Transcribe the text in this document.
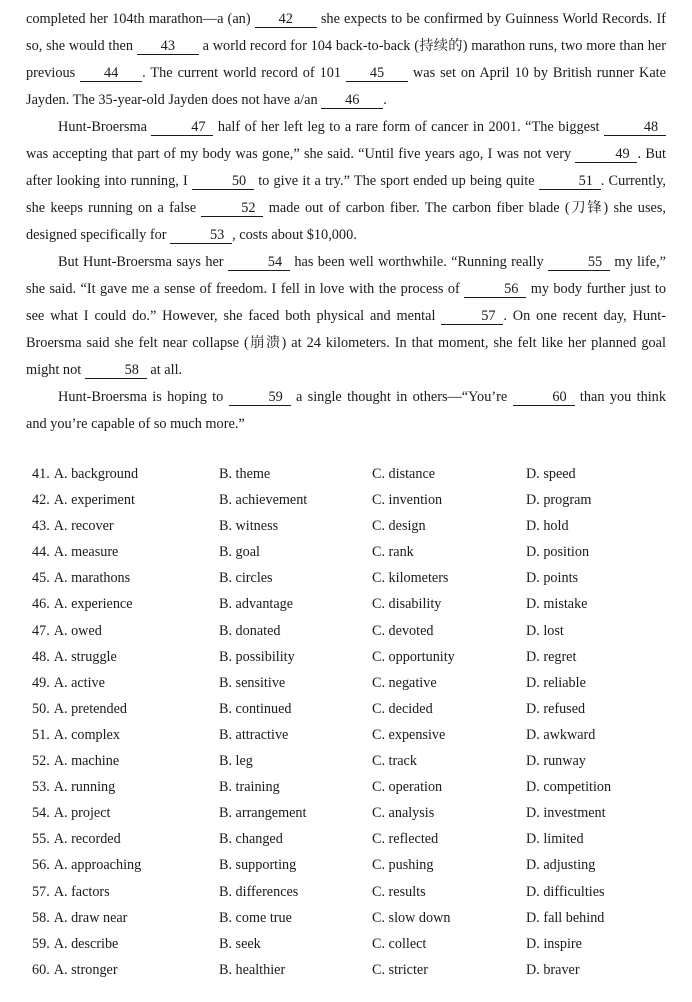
completed her 104th marathon—a (an) 42 she expects to be confirmed by Guinness World Records. If so, she would then 43 a world record for 104 back-to-back (持续的) marathon runs, two more than her previous 44 . The current world record of 101 45 was set on April 10 by British runner Kate Jayden. The 35-year-old Jayden does not have a/an 46 .

Hunt-Broersma	47 half of her left leg to a rare form of cancer in 2001. “The biggest	48 was accepting that part of my body was gone,” she said. “Until five years ago, I was not very	49 . But after looking into running, I	50 to give it a try.” The sport ended up being quite	51 . Currently, she keeps running on a false	52 made out of carbon fiber. The carbon fiber blade (刀锋) she uses, designed specifically for	53 , costs about $10,000.

But Hunt-Broersma says her	54 has been well worthwhile. “Running really	55 my life,” she said. “It gave me a sense of freedom. I fell in love with the process of	56 my body further just to see what I could do.” However, she faced both physical and mental	57 . On one recent day, Hunt-Broersma said she felt near collapse (崩溃) at 24 kilometers. In that moment, she felt like her planned goal might not	58 at all.

Hunt-Broersma is hoping to	59 a single thought in others—“You’re	60 than you think and you’re capable of so much more.”

41. A. background	B. theme	C. distance	D. speed
42. A. experiment	B. achievement	C. invention	D. program
43. A. recover	B. witness	C. design	D. hold
44. A. measure	B. goal	C. rank	D. position
45. A. marathons	B. circles	C. kilometers	D. points
46. A. experience	B. advantage	C. disability	D. mistake
47. A. owed	B. donated	C. devoted	D. lost
48. A. struggle	B. possibility	C. opportunity	D. regret
49. A. active	B. sensitive	C. negative	D. reliable
50. A. pretended	B. continued	C. decided	D. refused
51. A. complex	B. attractive	C. expensive	D. awkward
52. A. machine	B. leg	C. track	D. runway
53. A. running	B. training	C. operation	D. competition
54. A. project	B. arrangement	C. analysis	D. investment
55. A. recorded	B. changed	C. reflected	D. limited
56. A. approaching	B. supporting	C. pushing	D. adjusting
57. A. factors	B. differences	C. results	D. difficulties
58. A. draw near	B. come true	C. slow down	D. fall behind
59. A. describe	B. seek	C. collect	D. inspire
60. A. stronger	B. healthier	C. stricter	D. braver
